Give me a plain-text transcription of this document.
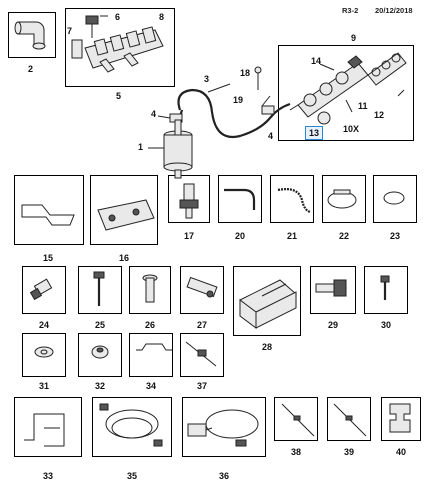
R3-2 20/12/2018
2
6	8
7
5
3
4
1
18
19
4
9
14
11
12
10X
13
15	16
17	20	21	22	23
24	25	26	27
28
29	30
31	32	34	37
33	35	36
38	39	40
